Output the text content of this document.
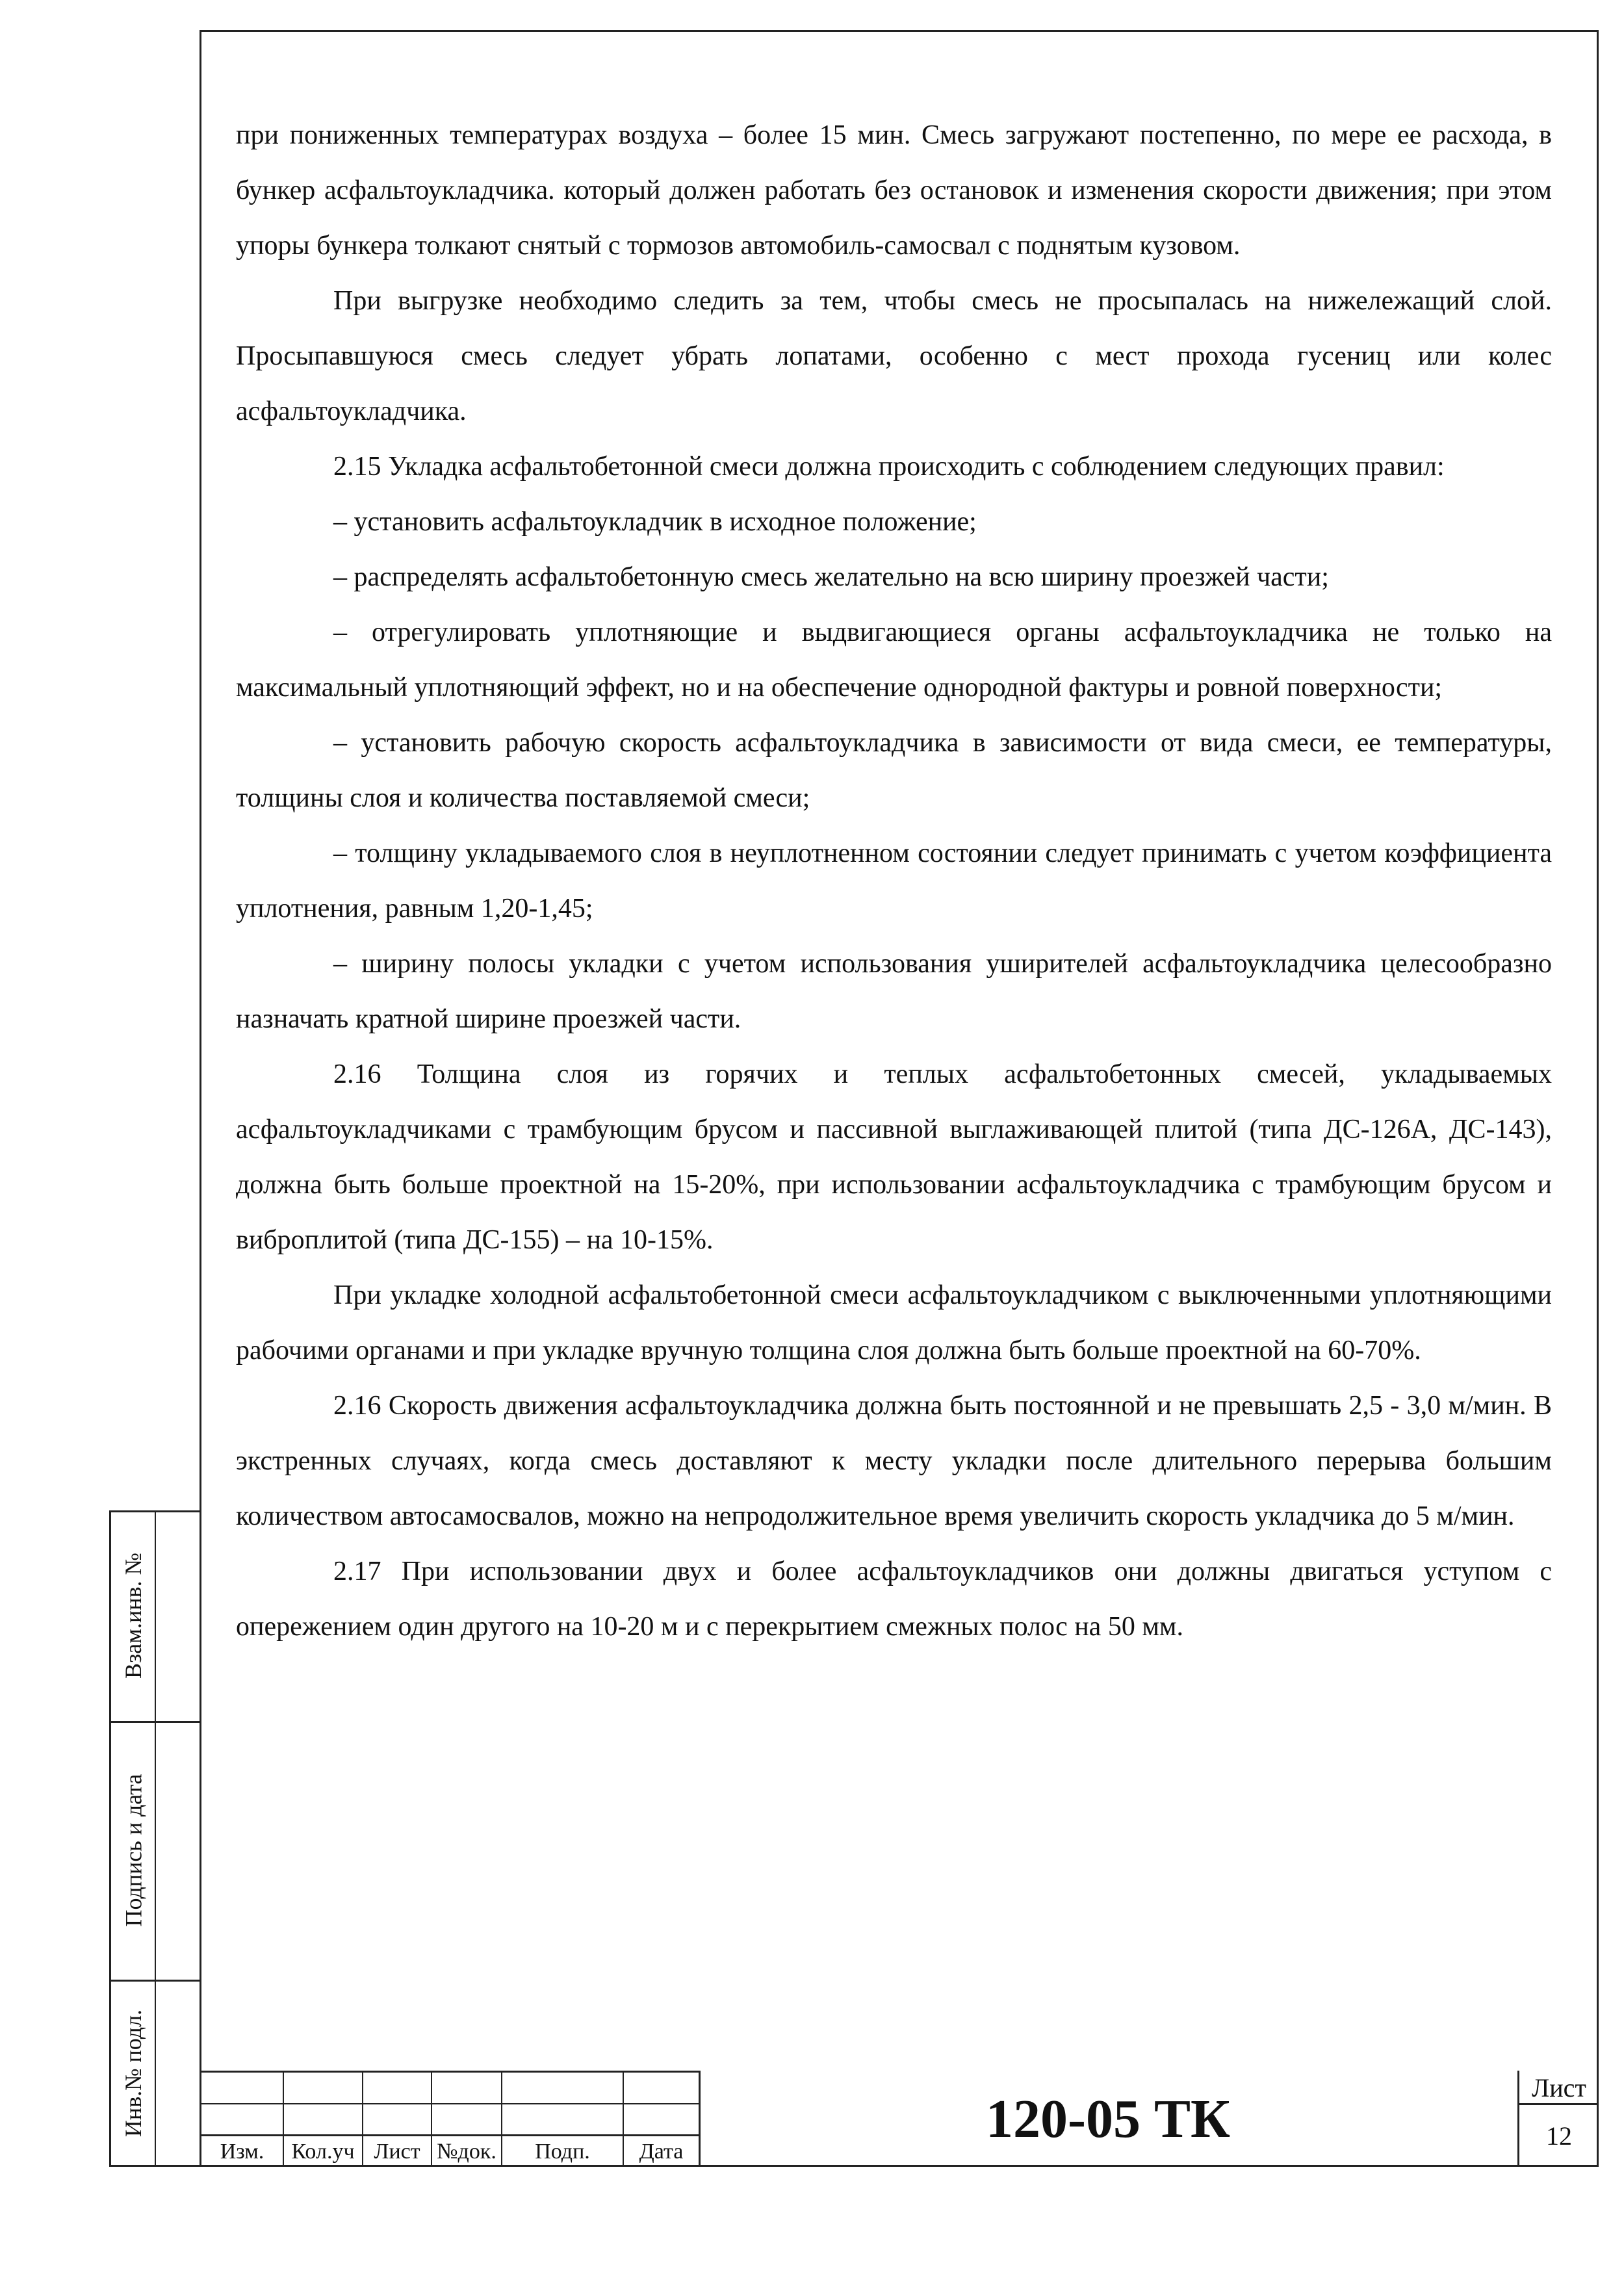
Взам.инв. №
Подпись и дата
Инв.№ подл.

при пониженных температурах воздуха – более 15 мин. Смесь загружают постепенно, по мере ее расхода, в бункер асфальтоукладчика. который должен работать без остановок и изменения скорости движения; при этом упоры бункера толкают снятый с тормозов автомобиль-самосвал с поднятым кузовом.

При выгрузке необходимо следить за тем, чтобы смесь не просыпалась на нижележащий слой. Просыпавшуюся смесь следует убрать лопатами, особенно с мест прохода гусениц или колес асфальтоукладчика.

2.15 Укладка асфальтобетонной смеси должна происходить с соблюдением следующих правил:

– установить асфальтоукладчик в исходное положение;

– распределять асфальтобетонную смесь желательно на всю ширину проезжей части;

– отрегулировать уплотняющие и выдвигающиеся органы асфальтоукладчика не только на максимальный уплотняющий эффект, но и на обеспечение однородной фактуры и ровной поверхности;

– установить рабочую скорость асфальтоукладчика в зависимости от вида смеси, ее температуры, толщины слоя и количества поставляемой смеси;

– толщину укладываемого слоя в неуплотненном состоянии следует принимать с учетом коэффициента уплотнения, равным 1,20-1,45;

– ширину полосы укладки с учетом использования уширителей асфальтоукладчика целесообразно назначать кратной ширине проезжей части.

2.16 Толщина слоя из горячих и теплых асфальтобетонных смесей, укладываемых асфальтоукладчиками с трамбующим брусом и пассивной выглаживающей плитой (типа ДС-126А, ДС-143), должна быть больше проектной на 15-20%, при использовании асфальтоукладчика с трамбующим брусом и виброплитой (типа ДС-155) – на 10-15%.

При укладке холодной асфальтобетонной смеси асфальтоукладчиком с выключенными уплотняющими рабочими органами и при укладке вручную толщина слоя должна быть больше проектной на 60-70%.

2.16 Скорость движения асфальтоукладчика должна быть постоянной и не превышать 2,5 - 3,0 м/мин. В экстренных случаях, когда смесь доставляют к месту укладки после длительного перерыва большим количеством автосамосвалов, можно на непродолжительное время увеличить скорость укладчика до 5 м/мин.

2.17 При использовании двух и более асфальтоукладчиков они должны двигаться уступом с опережением один другого на 10-20 м и с перекрытием смежных полос на 50 мм.

Изм.	Кол.уч Лист №док.	Подп.	Дата
120-05 ТК
Лист
12
